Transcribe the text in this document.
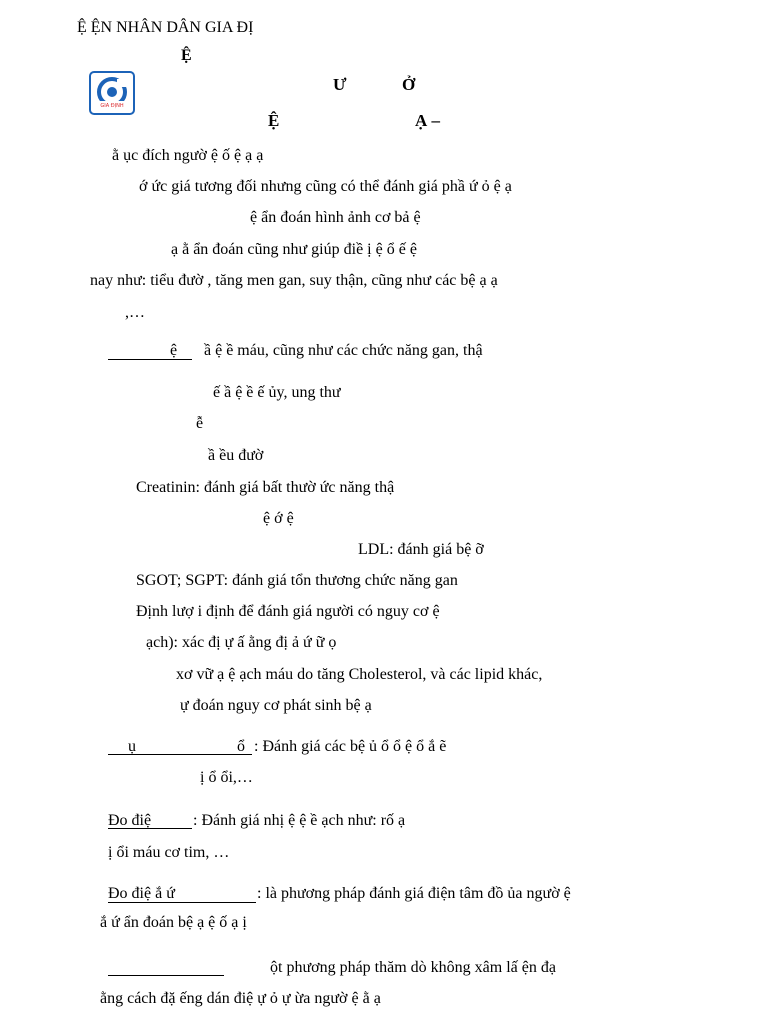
Ệ ỆN NHÂN DÂN GIA ĐỊ
Ệ
GIA ĐỊNH
Ư	Ở
Ệ	Ạ –
ằ ục đích ngườ ệ ố ệ ạ ạ
ớ ức giá tương đối nhưng cũng có thể đánh giá phầ ứ ỏ ệ ạ
ệ ẩn đoán hình ảnh cơ bả ệ
ạ ằ ẩn đoán cũng như giúp điề ị ệ ổ ế ệ
nay như: tiểu đườ , tăng men gan, suy thận, cũng như các bệ ạ ạ
,…
ệ ầ ệ ề máu, cũng như các chức năng gan, thậ
ế ầ ệ ề ế ủy, ung thư
ễ
ầ ều đườ
Creatinin: đánh giá bất thườ ức năng thậ
ệ ớ ệ
LDL: đánh giá bệ ỡ
SGOT; SGPT: đánh giá tổn thương chức năng gan
Định lượ i định để đánh giá người có nguy cơ ệ
ạch): xác đị ự ấ ằng đị ả ứ ữ ọ
xơ vữ ạ ệ ạch máu do tăng Cholesterol, và các lipid khác,
ự đoán nguy cơ phát sinh bệ ạ
ụ	ổ : Đánh giá các bệ ủ ổ ổ ệ ổ ắ ẽ
ị ổ ổi,…
Đo điệ	: Đánh giá nhị ệ ệ ề ạch như: rố ạ
ị ổi máu cơ tim, …
Đo điệ ắ ứ	: là phương pháp đánh giá điện tâm đồ ủa ngườ ệ
ắ ứ ẩn đoán bệ ạ ệ ố ạ ị
ột phương pháp thăm dò không xâm lấ ện đạ
ằng cách đặ ếng dán điệ ự ỏ ự ừa ngườ ệ ằ ạ
